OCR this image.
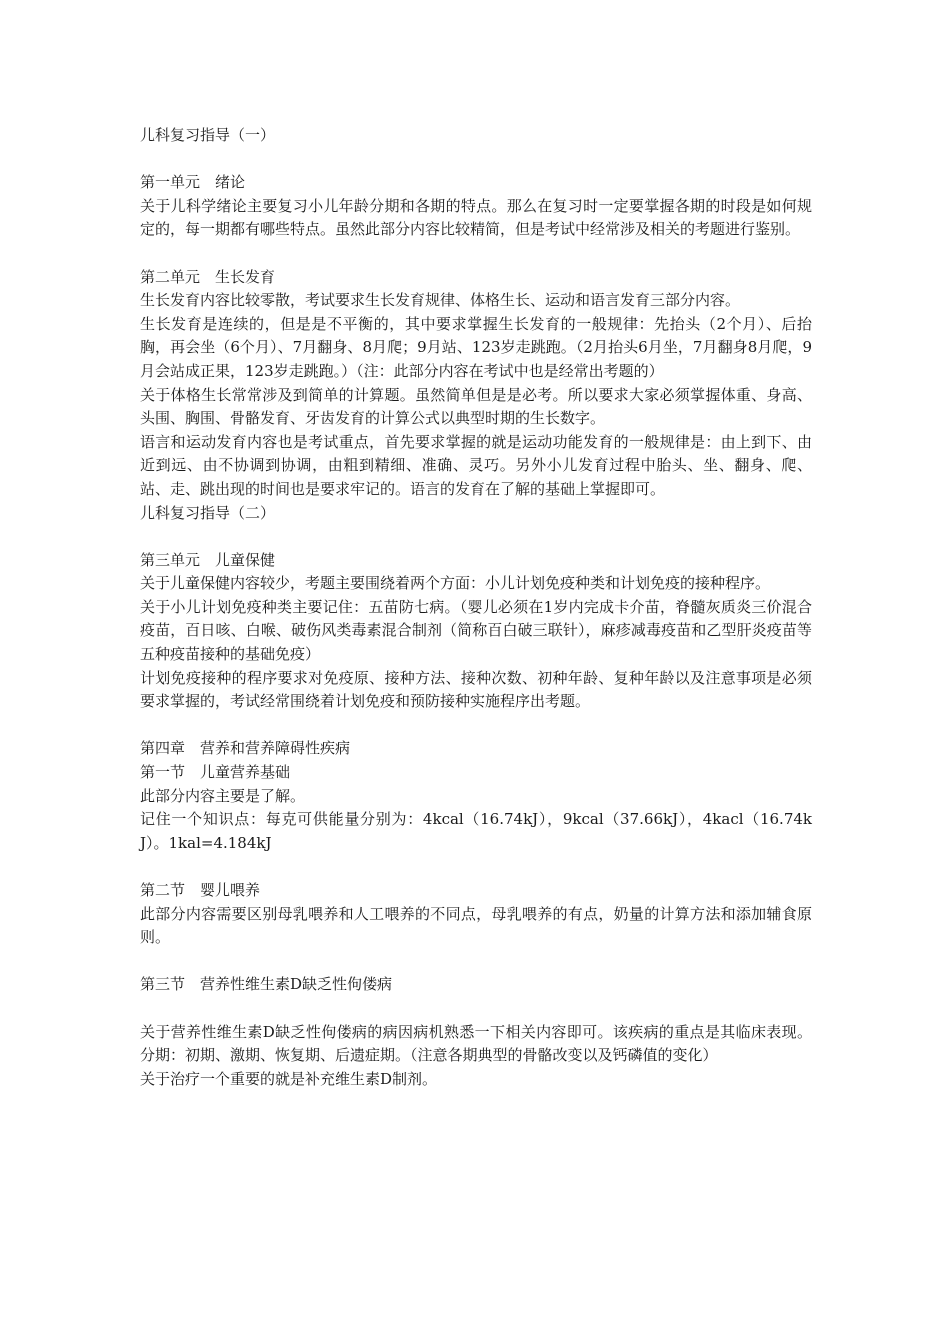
儿科复习指导（一）

第一单元　绪论

关于儿科学绪论主要复习小儿年龄分期和各期的特点。那么在复习时一定要掌握各期的时段是如何规定的，每一期都有哪些特点。虽然此部分内容比较精简，但是考试中经常涉及相关的考题进行鉴别。

第二单元　生长发育

生长发育内容比较零散，考试要求生长发育规律、体格生长、运动和语言发育三部分内容。

生长发育是连续的，但是是不平衡的，其中要求掌握生长发育的一般规律：先抬头（2个月）、后抬胸，再会坐（6个月）、7月翻身、8月爬；9月站、123岁走跳跑。（2月抬头6月坐，7月翻身8月爬，9月会站成正果，123岁走跳跑。）（注：此部分内容在考试中也是经常出考题的）

关于体格生长常常涉及到简单的计算题。虽然简单但是是必考。所以要求大家必须掌握体重、身高、头围、胸围、骨骼发育、牙齿发育的计算公式以典型时期的生长数字。

语言和运动发育内容也是考试重点，首先要求掌握的就是运动功能发育的一般规律是：由上到下、由近到远、由不协调到协调，由粗到精细、准确、灵巧。另外小儿发育过程中胎头、坐、翻身、爬、站、走、跳出现的时间也是要求牢记的。语言的发育在了解的基础上掌握即可。

儿科复习指导（二）

第三单元　儿童保健

关于儿童保健内容较少，考题主要围绕着两个方面：小儿计划免疫种类和计划免疫的接种程序。

关于小儿计划免疫种类主要记住：五苗防七病。（婴儿必须在1岁内完成卡介苗，脊髓灰质炎三价混合疫苗，百日咳、白喉、破伤风类毒素混合制剂（简称百白破三联针），麻疹减毒疫苗和乙型肝炎疫苗等五种疫苗接种的基础免疫）

计划免疫接种的程序要求对免疫原、接种方法、接种次数、初种年龄、复种年龄以及注意事项是必须要求掌握的，考试经常围绕着计划免疫和预防接种实施程序出考题。

第四章　营养和营养障碍性疾病

第一节　儿童营养基础

此部分内容主要是了解。

记住一个知识点：每克可供能量分别为：4kcal（16.74kJ），9kcal（37.66kJ），4kacl（16.74kJ）。1kal=4.184kJ

第二节　婴儿喂养

此部分内容需要区别母乳喂养和人工喂养的不同点，母乳喂养的有点，奶量的计算方法和添加辅食原则。

第三节　营养性维生素D缺乏性佝偻病

关于营养性维生素D缺乏性佝偻病的病因病机熟悉一下相关内容即可。该疾病的重点是其临床表现。分期：初期、激期、恢复期、后遗症期。（注意各期典型的骨骼改变以及钙磷值的变化）

关于治疗一个重要的就是补充维生素D制剂。
